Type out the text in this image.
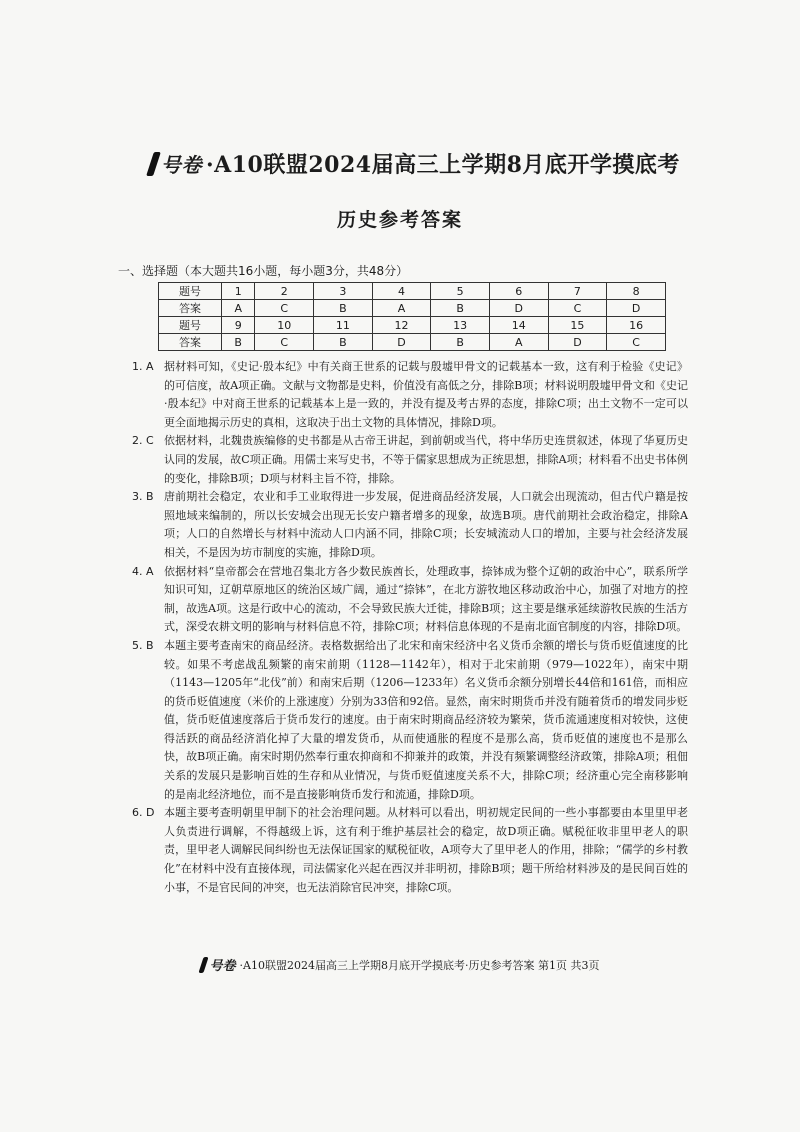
号卷 ·A10联盟2024届高三上学期8月底开学摸底考
历史参考答案
一、选择题（本大题共16小题，每小题3分，共48分）
题号	1	2	3	4	5	6	7	8
答案	A	C	B	A	B	D	C	D
题号	9	10	11	12	13	14	15	16
答案	B	C	B	D	B	A	D	C
1. A 据材料可知，《史记·殷本纪》中有关商王世系的记载与殷墟甲骨文的记载基本一致，这有利于检验《史记》的可信度，故A项正确。文献与文物都是史料，价值没有高低之分，排除B项；材料说明殷墟甲骨文和《史记·殷本纪》中对商王世系的记载基本上是一致的，并没有提及考古界的态度，排除C项；出土文物不一定可以更全面地揭示历史的真相，这取决于出土文物的具体情况，排除D项。
2. C 依据材料，北魏贵族编修的史书都是从古帝王讲起，到前朝或当代，将中华历史连贯叙述，体现了华夏历史认同的发展，故C项正确。用儒士来写史书，不等于儒家思想成为正统思想，排除A项；材料看不出史书体例的变化，排除B项；D项与材料主旨不符，排除。
3. B 唐前期社会稳定，农业和手工业取得进一步发展，促进商品经济发展，人口就会出现流动，但古代户籍是按照地域来编制的，所以长安城会出现无长安户籍者增多的现象，故选B项。唐代前期社会政治稳定，排除A项；人口的自然增长与材料中流动人口内涵不同，排除C项；长安城流动人口的增加，主要与社会经济发展相关，不是因为坊市制度的实施，排除D项。
4. A 依据材料“皇帝都会在营地召集北方各少数民族酋长，处理政事，捺钵成为整个辽朝的政治中心”，联系所学知识可知，辽朝草原地区的统治区域广阔，通过“捺钵”，在北方游牧地区移动政治中心，加强了对地方的控制，故选A项。这是行政中心的流动，不会导致民族大迁徙，排除B项；这主要是继承延续游牧民族的生活方式，深受农耕文明的影响与材料信息不符，排除C项；材料信息体现的不是南北面官制度的内容，排除D项。
5. B 本题主要考查南宋的商品经济。表格数据给出了北宋和南宋经济中名义货币余额的增长与货币贬值速度的比较。如果不考虑战乱频繁的南宋前期（1128—1142年），相对于北宋前期（979—1022年），南宋中期（1143—1205年“北伐”前）和南宋后期（1206—1233年）名义货币余额分别增长44倍和161倍，而相应的货币贬值速度（米价的上涨速度）分别为33倍和92倍。显然，南宋时期货币并没有随着货币的增发同步贬值，货币贬值速度落后于货币发行的速度。由于南宋时期商品经济较为繁荣，货币流通速度相对较快，这使得活跃的商品经济消化掉了大量的增发货币，从而使通胀的程度不是那么高，货币贬值的速度也不是那么快，故B项正确。南宋时期仍然奉行重农抑商和不抑兼并的政策，并没有频繁调整经济政策，排除A项；租佃关系的发展只是影响百姓的生存和从业情况，与货币贬值速度关系不大，排除C项；经济重心完全南移影响的是南北经济地位，而不是直接影响货币发行和流通，排除D项。
6. D 本题主要考查明朝里甲制下的社会治理问题。从材料可以看出，明初规定民间的一些小事都要由本里里甲老人负责进行调解，不得越级上诉，这有利于维护基层社会的稳定，故D项正确。赋税征收非里甲老人的职责，里甲老人调解民间纠纷也无法保证国家的赋税征收，A项夸大了里甲老人的作用，排除；“儒学的乡村教化”在材料中没有直接体现，司法儒家化兴起在西汉并非明初，排除B项；题干所给材料涉及的是民间百姓的小事，不是官民间的冲突，也无法消除官民冲突，排除C项。
号卷 ·A10联盟2024届高三上学期8月底开学摸底考·历史参考答案 第1页 共3页
